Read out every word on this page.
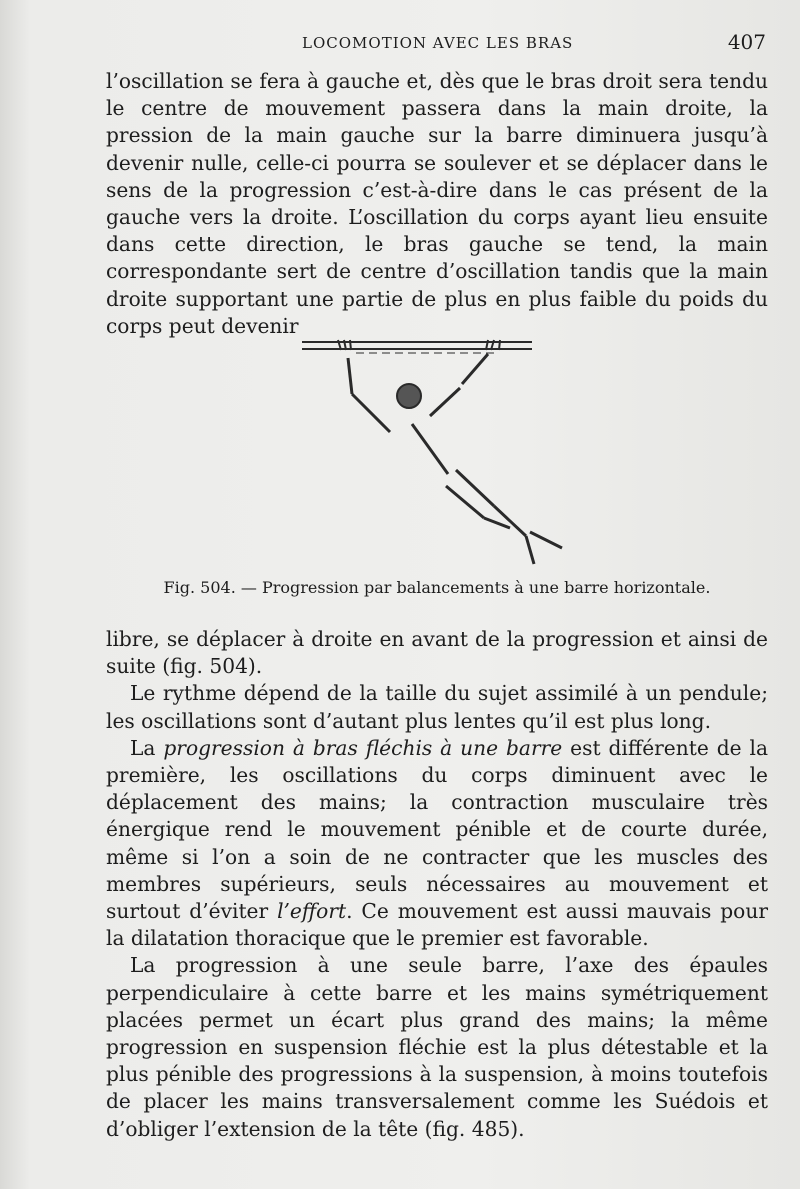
LOCOMOTION AVEC LES BRAS	407

l’oscillation se fera à gauche et, dès que le bras droit sera tendu le centre de mouvement passera dans la main droite, la pression de la main gauche sur la barre diminuera jusqu’à devenir nulle, celle-ci pourra se soulever et se déplacer dans le sens de la progression c’est-à-dire dans le cas présent de la gauche vers la droite. L’oscillation du corps ayant lieu ensuite dans cette direction, le bras gauche se tend, la main correspondante sert de centre d’oscillation tandis que la main droite supportant une partie de plus en plus faible du poids du corps peut devenir

Fig. 504. — Progression par balancements à une barre horizontale.

libre, se déplacer à droite en avant de la progression et ainsi de suite (fig. 504).

Le rythme dépend de la taille du sujet assimilé à un pendule; les oscillations sont d’autant plus lentes qu’il est plus long.

La progression à bras fléchis à une barre est différente de la première, les oscillations du corps diminuent avec le déplacement des mains; la contraction musculaire très énergique rend le mouvement pénible et de courte durée, même si l’on a soin de ne contracter que les muscles des membres supérieurs, seuls nécessaires au mouvement et surtout d’éviter l’effort. Ce mouvement est aussi mauvais pour la dilatation thoracique que le premier est favorable.

La progression à une seule barre, l’axe des épaules perpendiculaire à cette barre et les mains symétriquement placées permet un écart plus grand des mains; la même progression en suspension fléchie est la plus détestable et la plus pénible des progressions à la suspension, à moins toutefois de placer les mains transversalement comme les Suédois et d’obliger l’extension de la tête (fig. 485).
